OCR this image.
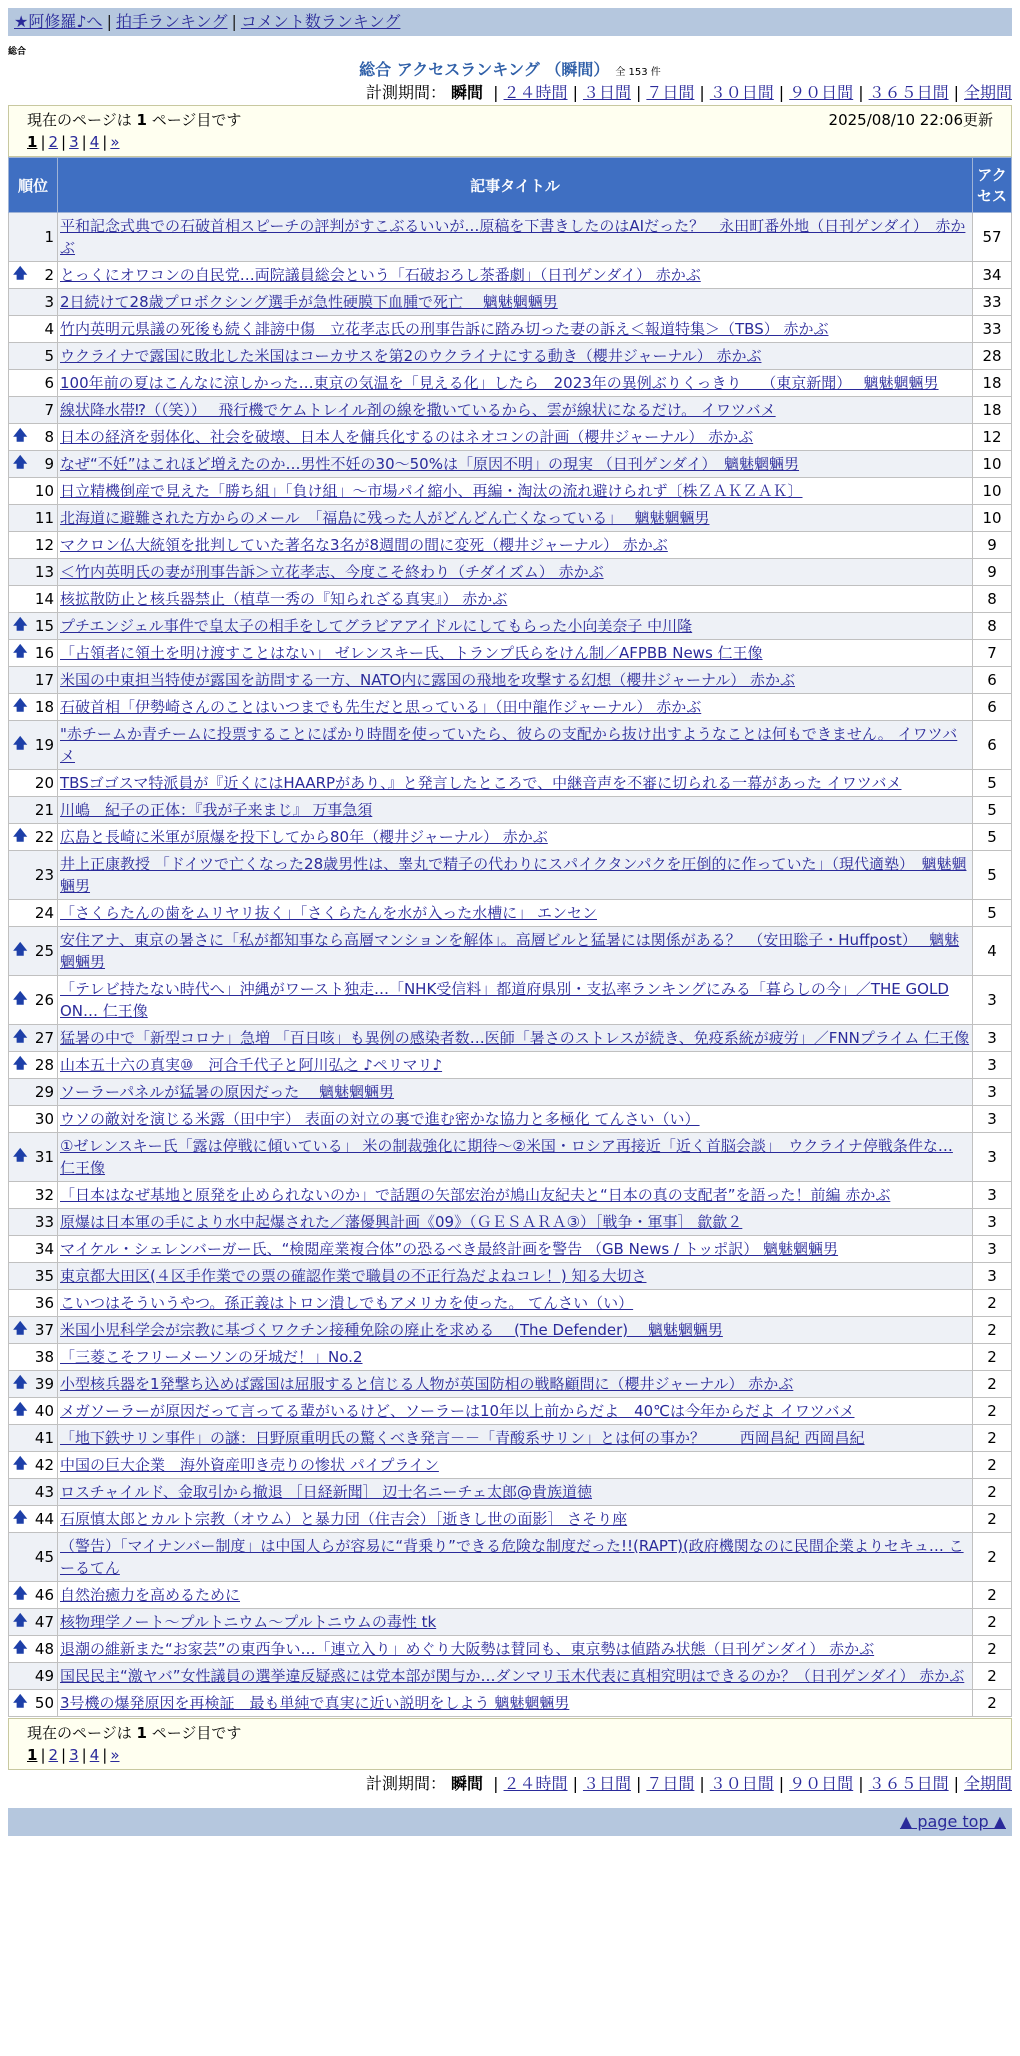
★阿修羅♪へ | 拍手ランキング | コメント数ランキング
総合
総合 アクセスランキング （瞬間） 全 153 件
計測期間： 瞬間 | ２４時間 | ３日間 | ７日間 | ３０日間 | ９０日間 | ３６５日間 | 全期間
現在のページは 1 ページ目です	2025/08/10 22:06更新
1 | 2 | 3 | 4 | »
順位	記事タイトル	アクセス
1	平和記念式典での石破首相スピーチの評判がすこぶるいいが…原稿を下書きしたのはAIだった？　永田町番外地（日刊ゲンダイ）　赤かぶ	57

🡅 2	とっくにオワコンの自民党…両院議員総会という「石破おろし茶番劇」（日刊ゲンダイ） 赤かぶ	34
3	2日続けて28歳プロボクシング選手が急性硬膜下血腫で死亡　 魑魅魍魎男	33
4	竹内英明元県議の死後も続く誹謗中傷　立花孝志氏の刑事告訴に踏み切った妻の訴え＜報道特集＞（TBS） 赤かぶ	33
5	ウクライナで露国に敗北した米国はコーカサスを第2のウクライナにする動き（櫻井ジャーナル） 赤かぶ	28
6	100年前の夏はこんなに涼しかった…東京の気温を「見える化」したら　2023年の異例ぶりくっきり　 （東京新聞）　 魑魅魍魎男	18
7	線状降水帯⁉（（笑））　 飛行機でケムトレイル剤の線を撒いているから、雲が線状になるだけ。 イワツバメ	18

🡅 8	日本の経済を弱体化、社会を破壊、日本人を傭兵化するのはネオコンの計画（櫻井ジャーナル） 赤かぶ	12

🡅 9	なぜ“不妊”はこれほど増えたのか…男性不妊の30～50%は「原因不明」の現実 （日刊ゲンダイ）　魑魅魍魎男	10
10	日立精機倒産で見えた「勝ち組」「負け組」～市場パイ縮小、再編・淘汰の流れ避けられず〔株ＺＡＫＺＡＫ〕	10
11	北海道に避難された方からのメール　「福島に残った人がどんどん亡くなっている」　 魑魅魍魎男	10
12	マクロン仏大統領を批判していた著名な3名が8週間の間に変死（櫻井ジャーナル） 赤かぶ	9
13	＜竹内英明氏の妻が刑事告訴＞立花孝志、今度こそ終わり（チダイズム） 赤かぶ	9
14	核拡散防止と核兵器禁止（植草一秀の『知られざる真実』） 赤かぶ	8

🡅 15	プチエンジェル事件で皇太子の相手をしてグラビアアイドルにしてもらった小向美奈子 中川隆	8

🡅 16	「占領者に領土を明け渡すことはない」 ゼレンスキー氏、トランプ氏らをけん制／AFPBB News 仁王像	7
17	米国の中東担当特使が露国を訪問する一方、NATO内に露国の飛地を攻撃する幻想（櫻井ジャーナル） 赤かぶ	6

🡅 18	石破首相「伊勢崎さんのことはいつまでも先生だと思っている」（田中龍作ジャーナル） 赤かぶ	6

🡅 19	"赤チームか青チームに投票することにばかり時間を使っていたら、彼らの支配から抜け出すようなことは何もできません。 イワツバメ	6
20	TBSゴゴスマ特派員が『近くにはHAARPがあり、』と発言したところで、中継音声を不審に切られる一幕があった イワツバメ	5
21	川嶋　紀子の正体：『我が子来まじ』 万事急須	5

🡅 22	広島と長崎に米軍が原爆を投下してから80年（櫻井ジャーナル） 赤かぶ	5
23	井上正康教授 「ドイツで亡くなった28歳男性は、睾丸で精子の代わりにスパイクタンパクを圧倒的に作っていた」（現代適塾）　魑魅魍魎男	5
24	「さくらたんの歯をムリヤリ抜く」「さくらたんを水が入った水槽に」 エンセン	5

🡅 25	安住アナ、東京の暑さに「私が都知事なら高層マンションを解体」。高層ビルと猛暑には関係がある？　（安田聡子・Huffpost）　 魑魅魍魎男	4

🡅 26	「テレビ持たない時代へ」沖縄がワースト独走…「NHK受信料」都道府県別・支払率ランキングにみる「暮らしの今」／THE GOLD ON… 仁王像	3

🡅 27	猛暑の中で「新型コロナ」急増 「百日咳」も異例の感染者数…医師「暑さのストレスが続き、免疫系統が疲労」／FNNプライム 仁王像	3

🡅 28	山本五十六の真実⑩　河合千代子と阿川弘之 ♪ペリマリ♪	3
29	ソーラーパネルが猛暑の原因だった　 魑魅魍魎男	3
30	ウソの敵対を演じる米露（田中宇） 表面の対立の裏で進む密かな協力と多極化 てんさい（い）	3

🡅 31	①ゼレンスキー氏「露は停戦に傾いている」 米の制裁強化に期待～②米国・ロシア再接近「近く首脳会談」　ウクライナ停戦条件な… 仁王像	3
32	「日本はなぜ基地と原発を止められないのか」で話題の矢部宏治が鳩山友紀夫と“日本の真の支配者”を語った！前編 赤かぶ	3
33	原爆は日本軍の手により水中起爆された／藩優興計画《09》（ＧＥＳＡＲＡ③）［戦争・軍事］ 歙歙２	3
34	マイケル・シェレンバーガー氏、“検閲産業複合体”の恐るべき最終計画を警告 （GB News / トッポ訳） 魑魅魍魎男	3
35	東京都大田区(４区手作業での票の確認作業で職員の不正行為だよねコレ！) 知る大切さ	3
36	こいつはそういうやつ。孫正義はトロン潰しでもアメリカを使った。 てんさい（い）	2

🡅 37	米国小児科学会が宗教に基づくワクチン接種免除の廃止を求める　 (The Defender)　 魑魅魍魎男	2
38	「三菱こそフリーメーソンの牙城だ！」No.2	2

🡅 39	小型核兵器を1発撃ち込めば露国は屈服すると信じる人物が英国防相の戦略顧問に（櫻井ジャーナル） 赤かぶ	2

🡅 40	メガソーラーが原因だって言ってる輩がいるけど、ソーラーは10年以上前からだよ　40℃は今年からだよ イワツバメ	2
41	「地下鉄サリン事件」の謎：日野原重明氏の驚くべき発言－－「青酸系サリン」とは何の事か？　　 西岡昌紀 西岡昌紀	2

🡅 42	中国の巨大企業　海外資産叩き売りの惨状 パイプライン	2
43	ロスチャイルド、金取引から撤退 ［日経新聞］ 辺士名ニーチェ太郎@貴族道徳	2

🡅 44	石原慎太郎とカルト宗教（オウム）と暴力団（住吉会）［逝きし世の面影］ さそり座	2
45	（警告）「マイナンバー制度」は中国人らが容易に“背乗り”できる危険な制度だった!!(RAPT)(政府機関なのに民間企業よりセキュ… こーるてん	2

🡅 46	自然治癒力を高めるために	2

🡅 47	核物理学ノート～プルトニウム～プルトニウムの毒性 tk	2

🡅 48	退潮の維新また“お家芸”の東西争い…「連立入り」めぐり大阪勢は賛同も、東京勢は値踏み状態（日刊ゲンダイ） 赤かぶ	2
49	国民民主“激ヤバ”女性議員の選挙違反疑惑には党本部が関与か…ダンマリ玉木代表に真相究明はできるのか？（日刊ゲンダイ） 赤かぶ	2

🡅 50	3号機の爆発原因を再検証　最も単純で真実に近い説明をしよう 魑魅魍魎男	2
現在のページは 1 ページ目です
1 | 2 | 3 | 4 | »
計測期間： 瞬間 | ２４時間 | ３日間 | ７日間 | ３０日間 | ９０日間 | ３６５日間 | 全期間
▲ page top ▲
